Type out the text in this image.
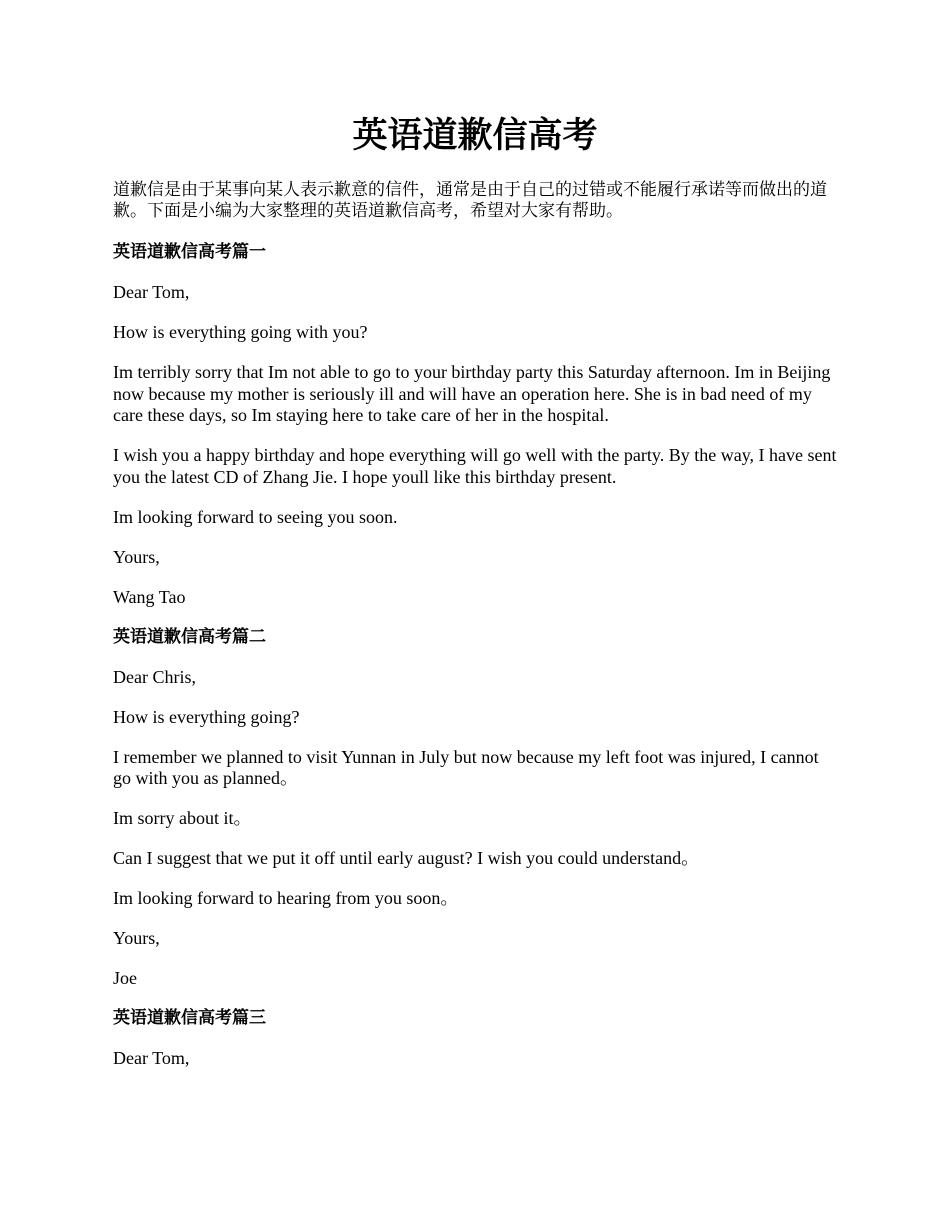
英语道歉信高考

道歉信是由于某事向某人表示歉意的信件，通常是由于自己的过错或不能履行承诺等而做出的道歉。下面是小编为大家整理的英语道歉信高考，希望对大家有帮助。

英语道歉信高考篇一

Dear Tom,

How is everything going with you?

Im terribly sorry that Im not able to go to your birthday party this Saturday afternoon. Im in Beijing now because my mother is seriously ill and will have an operation here. She is in bad need of my care these days, so Im staying here to take care of her in the hospital.

I wish you a happy birthday and hope everything will go well with the party. By the way, I have sent you the latest CD of Zhang Jie. I hope youll like this birthday present.

Im looking forward to seeing you soon.

Yours,

Wang Tao

英语道歉信高考篇二

Dear Chris,

How is everything going?

I remember we planned to visit Yunnan in July but now because my left foot was injured, I cannot go with you as planned。

Im sorry about it。

Can I suggest that we put it off until early august? I wish you could understand。

Im looking forward to hearing from you soon。

Yours,

Joe

英语道歉信高考篇三

Dear Tom,
